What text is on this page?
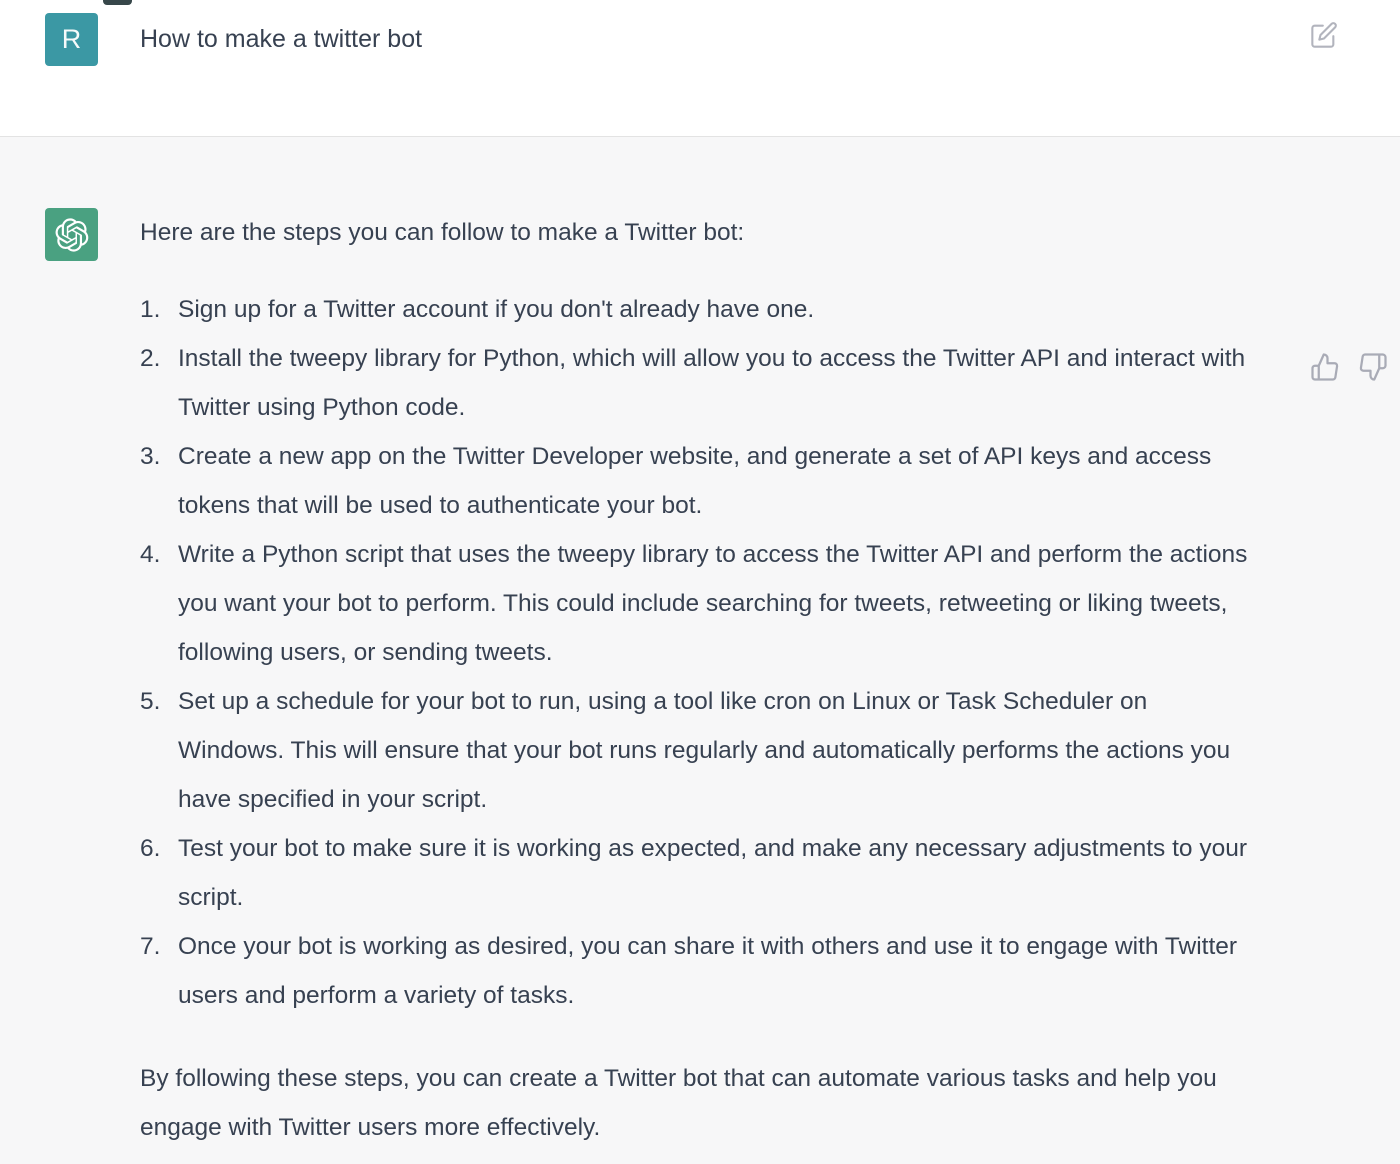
R How to make a twitter bot

Here are the steps you can follow to make a Twitter bot:

1. Sign up for a Twitter account if you don't already have one.
2. Install the tweepy library for Python, which will allow you to access the Twitter API and interact with Twitter using Python code.
3. Create a new app on the Twitter Developer website, and generate a set of API keys and access tokens that will be used to authenticate your bot.
4. Write a Python script that uses the tweepy library to access the Twitter API and perform the actions you want your bot to perform. This could include searching for tweets, retweeting or liking tweets, following users, or sending tweets.
5. Set up a schedule for your bot to run, using a tool like cron on Linux or Task Scheduler on Windows. This will ensure that your bot runs regularly and automatically performs the actions you have specified in your script.
6. Test your bot to make sure it is working as expected, and make any necessary adjustments to your script.
7. Once your bot is working as desired, you can share it with others and use it to engage with Twitter users and perform a variety of tasks.

By following these steps, you can create a Twitter bot that can automate various tasks and help you engage with Twitter users more effectively.
